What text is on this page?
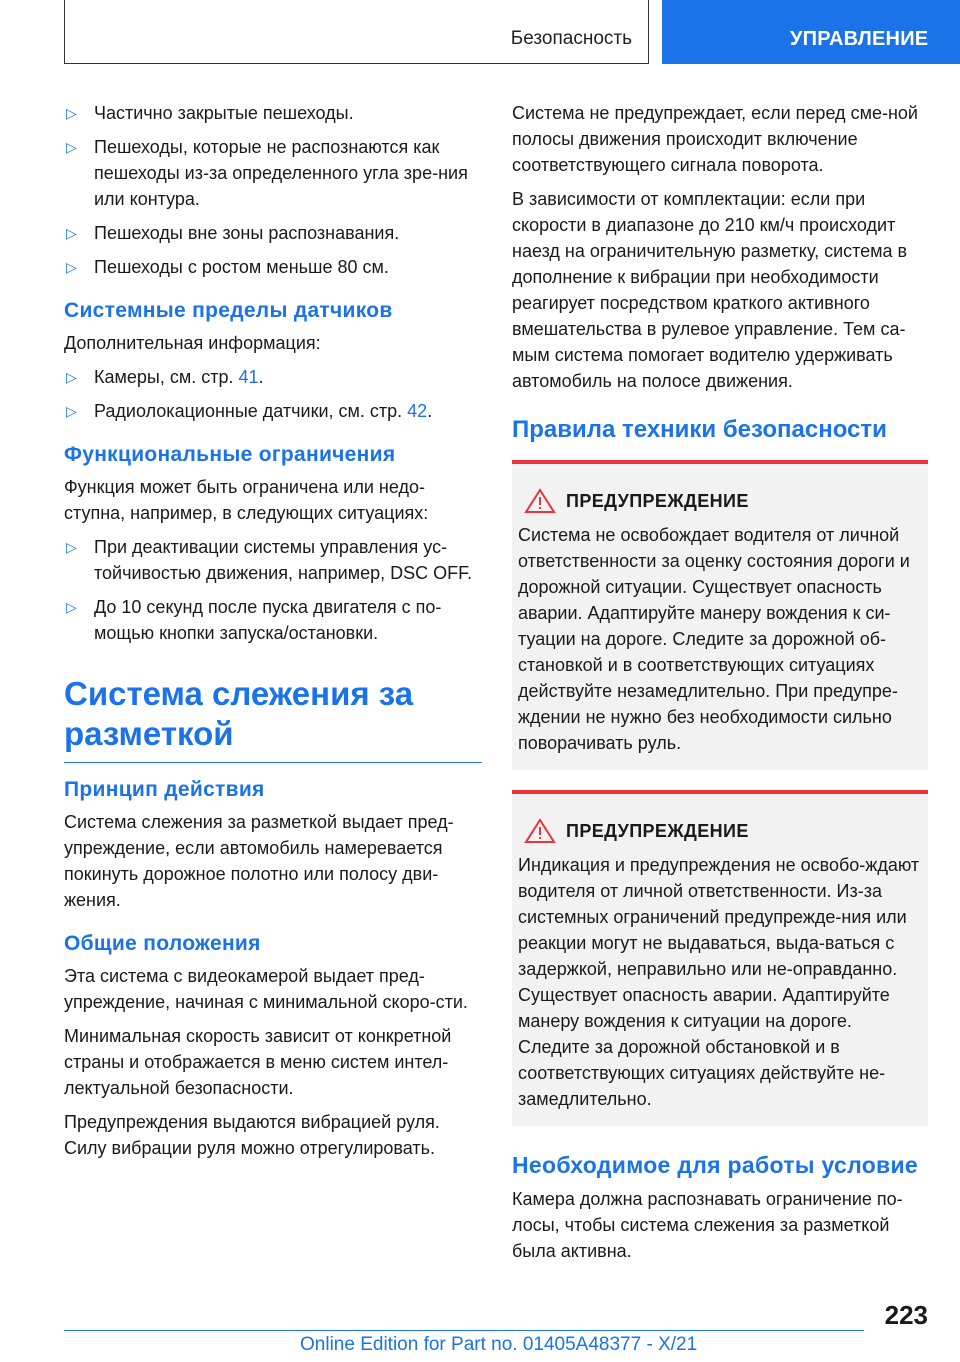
Безопасность	УПРАВЛЕНИЕ
▷ Частично закрытые пешеходы.
▷ Пешеходы, которые не распознаются как пешеходы из-за определенного угла зре-ния или контура.
▷ Пешеходы вне зоны распознавания.
▷ Пешеходы с ростом меньше 80 см.
Системные пределы датчиков

Дополнительная информация:

▷ Камеры, см. стр. 41.
▷ Радиолокационные датчики, см. стр. 42.
Функциональные ограничения

Функция может быть ограничена или недо-ступна, например, в следующих ситуациях:

▷ При деактивации системы управления ус-тойчивостью движения, например, DSC OFF.
▷ До 10 секунд после пуска двигателя с по-мощью кнопки запуска/остановки.
Система слежения за разметкой
Принцип действия

Система слежения за разметкой выдает пред-упреждение, если автомобиль намеревается покинуть дорожное полотно или полосу дви-жения.

Общие положения

Эта система с видеокамерой выдает пред-упреждение, начиная с минимальной скоро-сти.

Минимальная скорость зависит от конкретной страны и отображается в меню систем интел-лектуальной безопасности.

Предупреждения выдаются вибрацией руля. Силу вибрации руля можно отрегулировать.

Система не предупреждает, если перед сме-ной полосы движения происходит включение соответствующего сигнала поворота.

В зависимости от комплектации: если при скорости в диапазоне до 210 км/ч происходит наезд на ограничительную разметку, система в дополнение к вибрации при необходимости реагирует посредством краткого активного вмешательства в рулевое управление. Тем са-мым система помогает водителю удерживать автомобиль на полосе движения.

Правила техники безопасности
ПРЕДУПРЕЖДЕНИЕ

Система не освобождает водителя от личной ответственности за оценку состояния дороги и дорожной ситуации. Существует опасность аварии. Адаптируйте манеру вождения к си-туации на дороге. Следите за дорожной об-становкой и в соответствующих ситуациях действуйте незамедлительно. При предупре-ждении не нужно без необходимости сильно поворачивать руль.

ПРЕДУПРЕЖДЕНИЕ

Индикация и предупреждения не освобо-ждают водителя от личной ответственности. Из-за системных ограничений предупрежде-ния или реакции могут не выдаваться, выда-ваться с задержкой, неправильно или не-оправданно. Существует опасность аварии. Адаптируйте манеру вождения к ситуации на дороге. Следите за дорожной обстановкой и в соответствующих ситуациях действуйте не-замедлительно.

Необходимое для работы условие

Камера должна распознавать ограничение по-лосы, чтобы система слежения за разметкой была активна.

223
Online Edition for Part no. 01405A48377 - X/21
